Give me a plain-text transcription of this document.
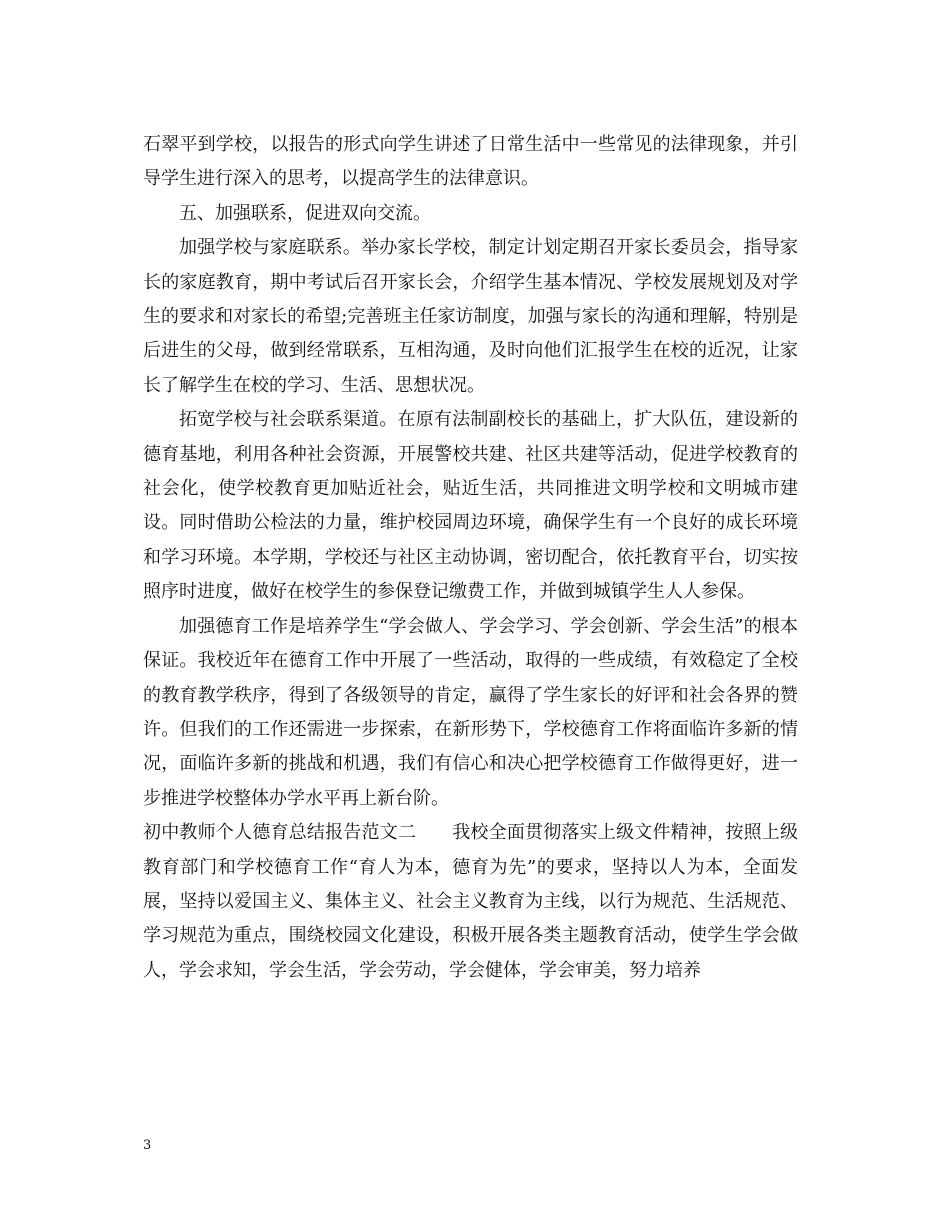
石翠平到学校，以报告的形式向学生讲述了日常生活中一些常见的法律现象，并引导学生进行深入的思考，以提高学生的法律意识。

五、加强联系，促进双向交流。

加强学校与家庭联系。举办家长学校，制定计划定期召开家长委员会，指导家长的家庭教育，期中考试后召开家长会，介绍学生基本情况、学校发展规划及对学生的要求和对家长的希望;完善班主任家访制度，加强与家长的沟通和理解，特别是后进生的父母，做到经常联系，互相沟通，及时向他们汇报学生在校的近况，让家长了解学生在校的学习、生活、思想状况。

拓宽学校与社会联系渠道。在原有法制副校长的基础上，扩大队伍，建设新的德育基地，利用各种社会资源，开展警校共建、社区共建等活动，促进学校教育的社会化，使学校教育更加贴近社会，贴近生活，共同推进文明学校和文明城市建设。同时借助公检法的力量，维护校园周边环境，确保学生有一个良好的成长环境和学习环境。本学期，学校还与社区主动协调，密切配合，依托教育平台，切实按照序时进度，做好在校学生的参保登记缴费工作，并做到城镇学生人人参保。

加强德育工作是培养学生“学会做人、学会学习、学会创新、学会生活”的根本保证。我校近年在德育工作中开展了一些活动，取得的一些成绩，有效稳定了全校的教育教学秩序，得到了各级领导的肯定，赢得了学生家长的好评和社会各界的赞许。但我们的工作还需进一步探索，在新形势下，学校德育工作将面临许多新的情况，面临许多新的挑战和机遇，我们有信心和决心把学校德育工作做得更好，进一步推进学校整体办学水平再上新台阶。

初中教师个人德育总结报告范文二 我校全面贯彻落实上级文件精神，按照上级教育部门和学校德育工作“育人为本，德育为先”的要求，坚持以人为本，全面发展，坚持以爱国主义、集体主义、社会主义教育为主线，以行为规范、生活规范、学习规范为重点，围绕校园文化建设，积极开展各类主题教育活动，使学生学会做人，学会求知，学会生活，学会劳动，学会健体，学会审美，努力培养

3
